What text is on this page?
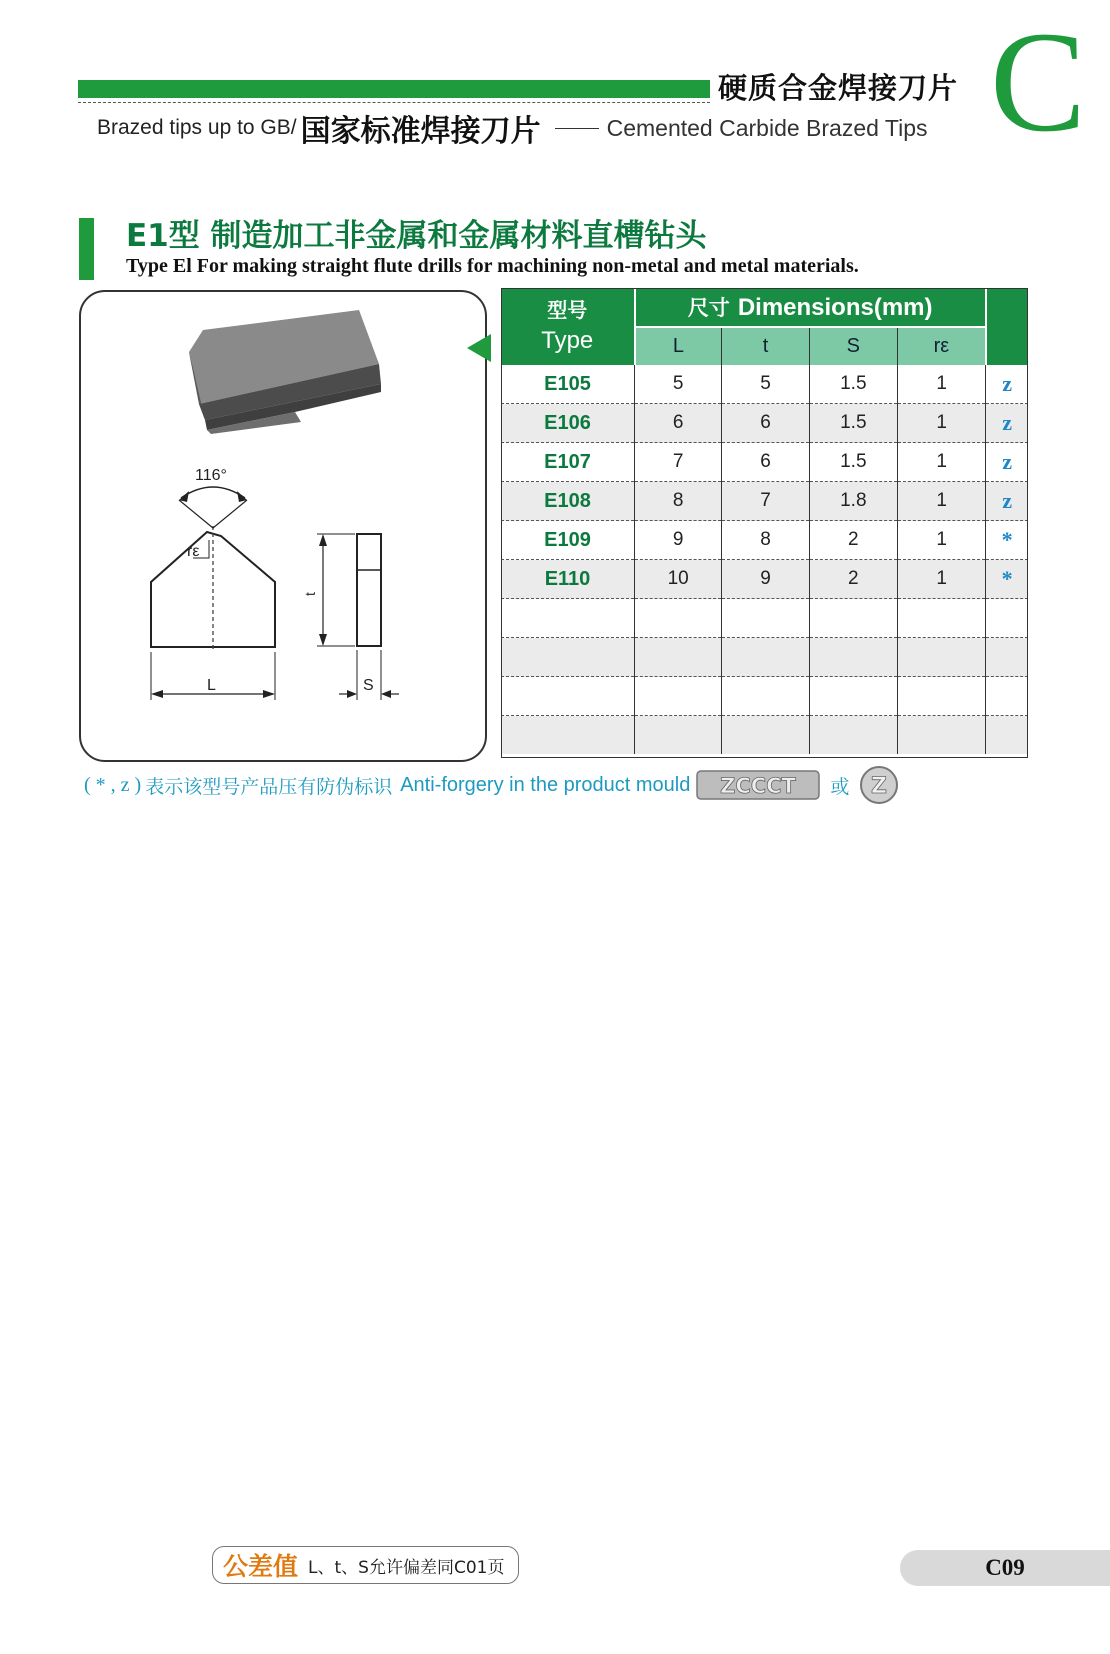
硬质合金焊接刀片
Brazed tips up to GB/ 国家标准焊接刀片	Cemented Carbide Brazed Tips C
E1型 制造加工非金属和金属材料直槽钻头
Type El For making straight flute drills for machining non-metal and metal materials.
116°
rε
L
t
S
型号
Type	尺寸 Dimensions(mm)				防伪标识 Anti-forgery
	L	t	S	rε	
E105	5	5	1.5	1	z
E106	6	6	1.5	1	z
E107	7	6	1.5	1	z
E108	8	7	1.8	1	z
E109	9	8	2	1	*
E110	10	9	2	1	*

( * , z ) 表示该型号产品压有防伪标识 Anti-forgery in the product mould ZCCCT 或 Z
公差值 L、t、S允许偏差同C01页	C09
